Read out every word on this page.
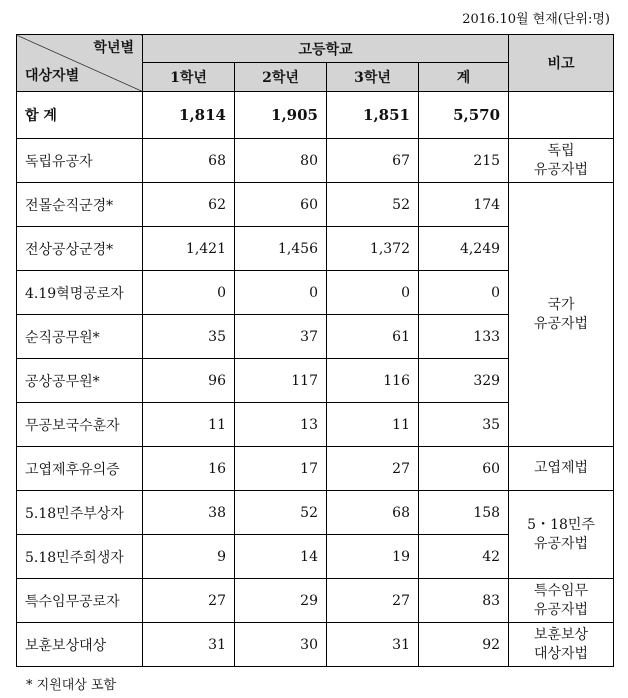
2016.10월 현재(단위:명)
학년별
대상자별	고등학교				비고
	1학년	2학년	3학년	계	
합 계	1,814	1,905	1,851	5,570	
독립유공자	68	80	67	215	독립
유공자법

전몰순직군경*	62	60	52	174	국가
유공자법

전상공상군경*	1,421	1,456	1,372	4,249	
4.19혁명공로자	0	0	0	0	
순직공무원*	35	37	61	133	
공상공무원*	96	117	116	329	
무공보국수훈자	11	13	11	35	
고엽제후유의증	16	17	27	60	고엽제법

5.18민주부상자	38	52	68	158	5・18민주
유공자법

5.18민주희생자	9	14	19	42	
특수임무공로자	27	29	27	83	특수임무
유공자법

보훈보상대상	31	30	31	92	보훈보상
대상자법
* 지원대상 포함
